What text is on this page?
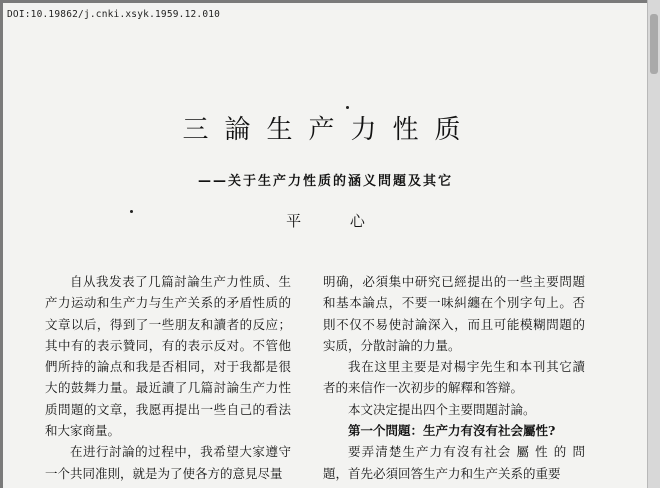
DOI:10.19862/j.cnki.xsyk.1959.12.010
三論生产力性质
——关于生产力性质的涵义問題及其它
平 心

自从我发表了几篇討論生产力性质、生产力运动和生产力与生产关系的矛盾性质的文章以后，得到了一些朋友和讀者的反应；其中有的表示贊同，有的表示反对。不管他們所持的論点和我是否相同，对于我都是很大的鼓舞力量。最近讀了几篇討論生产力性质問題的文章，我愿再提出一些自己的看法和大家商量。

在进行討論的过程中，我希望大家遵守一个共同准則，就是为了使各方的意見尽量

明确，必須集中研究已經提出的一些主要問題和基本論点，不要一味糾纏在个別字句上。否則不仅不易使討論深入，而且可能模糊問題的实质，分散討論的力量。

我在这里主要是对楊宇先生和本刊其它讀者的来信作一次初步的解釋和答辯。

本文决定提出四个主要問題討論。

第一个問題：生产力有沒有社会屬性?

要弄清楚生产力有沒有社会 屬 性 的 問題，首先必須回答生产力和生产关系的重要
